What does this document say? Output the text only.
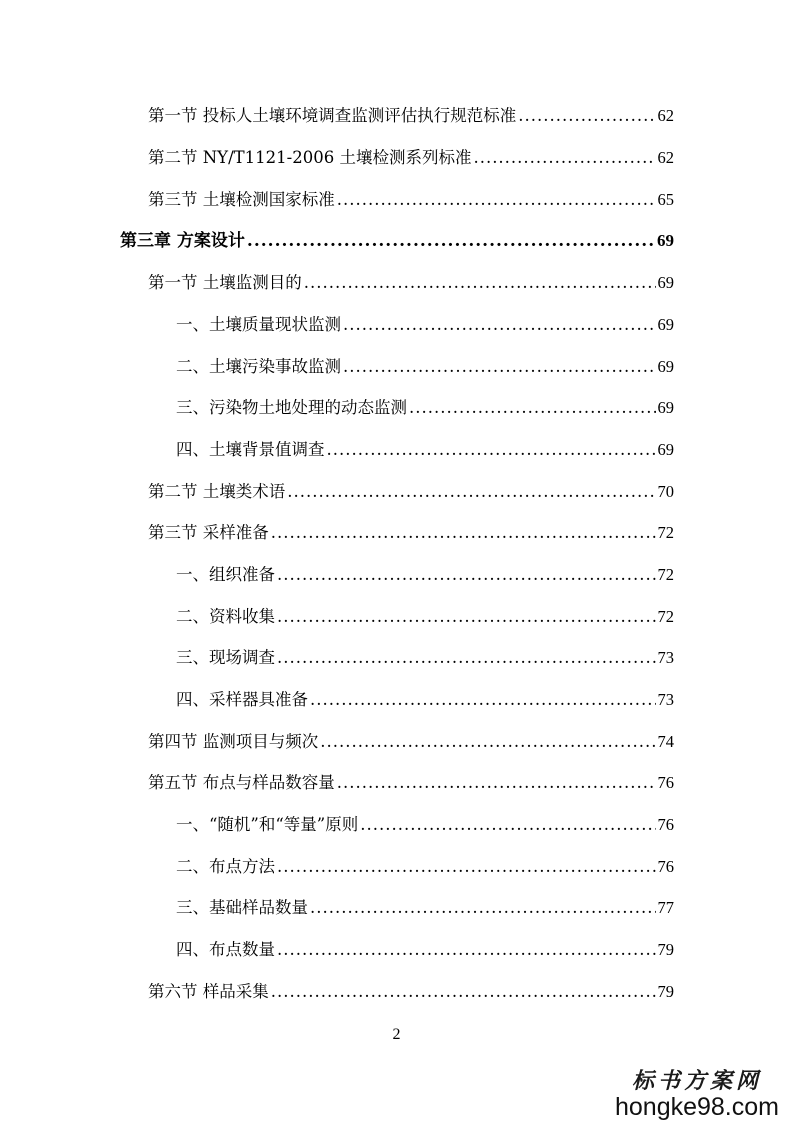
第一节 投标人土壤环境调查监测评估执行规范标准 .....	62
第二节 NY/T1121-2006 土壤检测系列标准 .....	62
第三节 土壤检测国家标准 .....	65
第三章 方案设计 .....	69
第一节 土壤监测目的 .....	69
一、土壤质量现状监测 .....	69
二、土壤污染事故监测 .....	69
三、污染物土地处理的动态监测 .....	69
四、土壤背景值调查 .....	69
第二节 土壤类术语 .....	70
第三节 采样准备 .....	72
一、组织准备 .....	72
二、资料收集 .....	72
三、现场调查 .....	73
四、采样器具准备 .....	73
第四节 监测项目与频次 .....	74
第五节 布点与样品数容量 .....	76
一、“随机”和“等量”原则 .....	76
二、布点方法 .....	76
三、基础样品数量 .....	77
四、布点数量 .....	79
第六节 样品采集 .....	79
2
标书方案网
hongke98.com
